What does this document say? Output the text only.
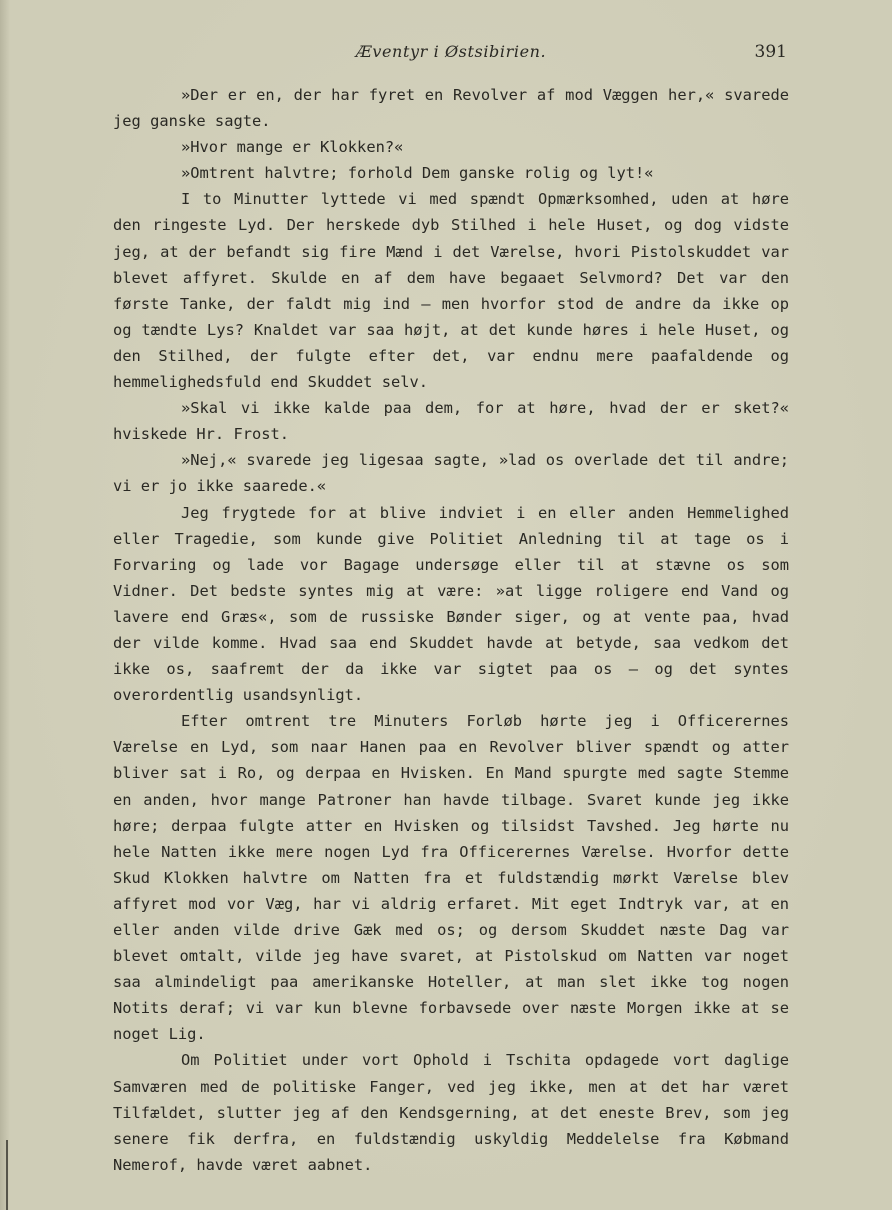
Æventyr i Østsibirien.	391

»Der er en, der har fyret en Revolver af mod Væggen her,« svarede jeg ganske sagte.

»Hvor mange er Klokken?«

»Omtrent halvtre; forhold Dem ganske rolig og lyt!«

I to Minutter lyttede vi med spændt Opmærksomhed, uden at høre den ringeste Lyd. Der herskede dyb Stilhed i hele Huset, og dog vidste jeg, at der befandt sig fire Mænd i det Værelse, hvori Pistolskuddet var blevet affyret. Skulde en af dem have begaaet Selvmord? Det var den første Tanke, der faldt mig ind – men hvorfor stod de andre da ikke op og tændte Lys? Knaldet var saa højt, at det kunde høres i hele Huset, og den Stilhed, der fulgte efter det, var endnu mere paafaldende og hemmelighedsfuld end Skuddet selv.

»Skal vi ikke kalde paa dem, for at høre, hvad der er sket?« hviskede Hr. Frost.

»Nej,« svarede jeg ligesaa sagte, »lad os overlade det til andre; vi er jo ikke saarede.«

Jeg frygtede for at blive indviet i en eller anden Hemmelighed eller Tragedie, som kunde give Politiet Anledning til at tage os i Forvaring og lade vor Bagage undersøge eller til at stævne os som Vidner. Det bedste syntes mig at være: »at ligge roligere end Vand og lavere end Græs«, som de russiske Bønder siger, og at vente paa, hvad der vilde komme. Hvad saa end Skuddet havde at betyde, saa vedkom det ikke os, saafremt der da ikke var sigtet paa os – og det syntes overordentlig usandsynligt.

Efter omtrent tre Minuters Forløb hørte jeg i Officerernes Værelse en Lyd, som naar Hanen paa en Revolver bliver spændt og atter bliver sat i Ro, og derpaa en Hvisken. En Mand spurgte med sagte Stemme en anden, hvor mange Patroner han havde tilbage. Svaret kunde jeg ikke høre; derpaa fulgte atter en Hvisken og tilsidst Tavshed. Jeg hørte nu hele Natten ikke mere nogen Lyd fra Officerernes Værelse. Hvorfor dette Skud Klokken halvtre om Natten fra et fuldstændig mørkt Værelse blev affyret mod vor Væg, har vi aldrig erfaret. Mit eget Indtryk var, at en eller anden vilde drive Gæk med os; og dersom Skuddet næste Dag var blevet omtalt, vilde jeg have svaret, at Pistolskud om Natten var noget saa almindeligt paa amerikanske Hoteller, at man slet ikke tog nogen Notits deraf; vi var kun blevne forbavsede over næste Morgen ikke at se noget Lig.

Om Politiet under vort Ophold i Tschita opdagede vort daglige Samværen med de politiske Fanger, ved jeg ikke, men at det har været Tilfældet, slutter jeg af den Kendsgerning, at det eneste Brev, som jeg senere fik derfra, en fuldstændig uskyldig Meddelelse fra Købmand Nemerof, havde været aabnet.
